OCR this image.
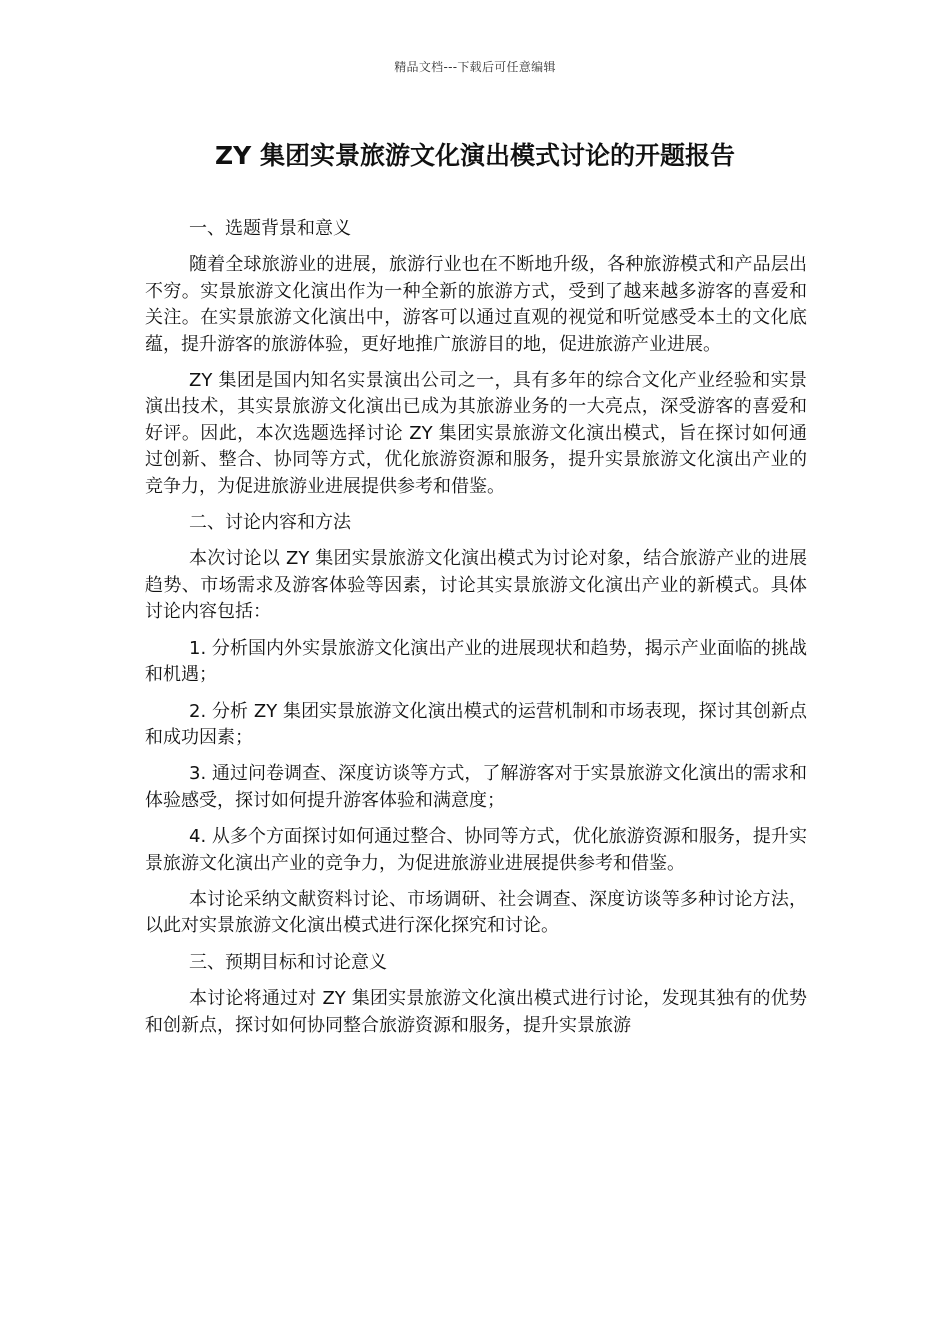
精品文档---下载后可任意编辑
ZY 集团实景旅游文化演出模式讨论的开题报告

一、选题背景和意义

随着全球旅游业的进展，旅游行业也在不断地升级，各种旅游模式和产品层出不穷。实景旅游文化演出作为一种全新的旅游方式，受到了越来越多游客的喜爱和关注。在实景旅游文化演出中，游客可以通过直观的视觉和听觉感受本土的文化底蕴，提升游客的旅游体验，更好地推广旅游目的地，促进旅游产业进展。

ZY 集团是国内知名实景演出公司之一，具有多年的综合文化产业经验和实景演出技术，其实景旅游文化演出已成为其旅游业务的一大亮点，深受游客的喜爱和好评。因此，本次选题选择讨论 ZY 集团实景旅游文化演出模式，旨在探讨如何通过创新、整合、协同等方式，优化旅游资源和服务，提升实景旅游文化演出产业的竞争力，为促进旅游业进展提供参考和借鉴。

二、讨论内容和方法

本次讨论以 ZY 集团实景旅游文化演出模式为讨论对象，结合旅游产业的进展趋势、市场需求及游客体验等因素，讨论其实景旅游文化演出产业的新模式。具体讨论内容包括：

1. 分析国内外实景旅游文化演出产业的进展现状和趋势，揭示产业面临的挑战和机遇；

2. 分析 ZY 集团实景旅游文化演出模式的运营机制和市场表现，探讨其创新点和成功因素；

3. 通过问卷调查、深度访谈等方式，了解游客对于实景旅游文化演出的需求和体验感受，探讨如何提升游客体验和满意度；

4. 从多个方面探讨如何通过整合、协同等方式，优化旅游资源和服务，提升实景旅游文化演出产业的竞争力，为促进旅游业进展提供参考和借鉴。

本讨论采纳文献资料讨论、市场调研、社会调查、深度访谈等多种讨论方法，以此对实景旅游文化演出模式进行深化探究和讨论。

三、预期目标和讨论意义

本讨论将通过对 ZY 集团实景旅游文化演出模式进行讨论，发现其独有的优势和创新点，探讨如何协同整合旅游资源和服务，提升实景旅游
